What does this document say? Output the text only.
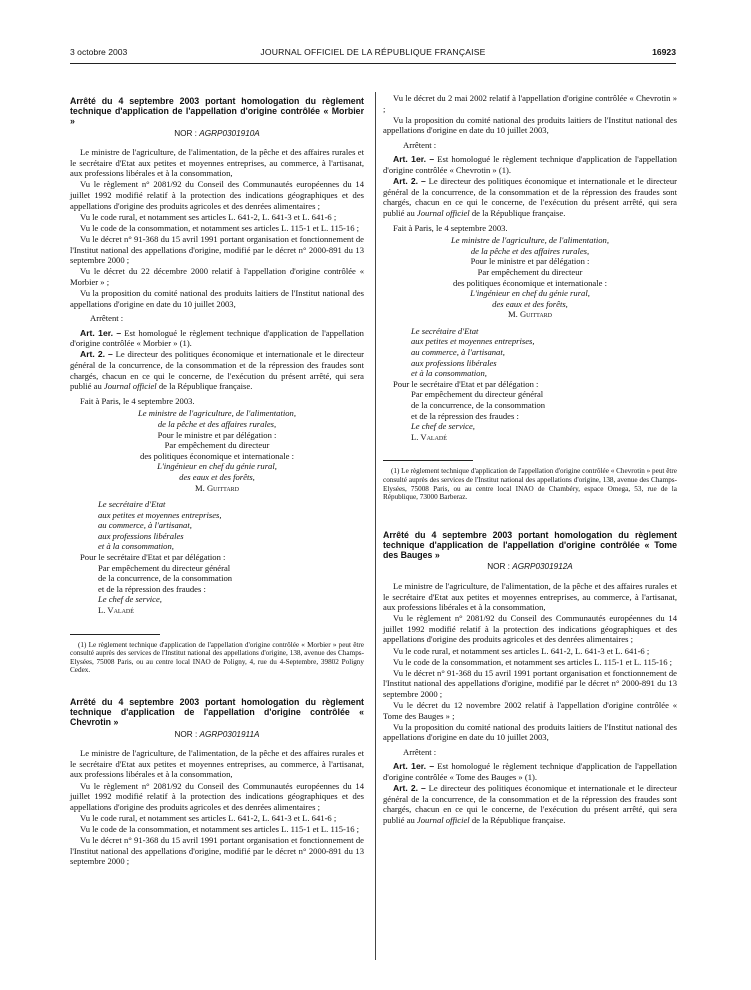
3 octobre 2003	JOURNAL OFFICIEL DE LA RÉPUBLIQUE FRANÇAISE	16923

Arrêté du 4 septembre 2003 portant homologation du règlement technique d'application de l'appellation d'origine contrôlée « Morbier »

NOR : AGRP0301910A

Le ministre de l'agriculture, de l'alimentation, de la pêche et des affaires rurales et le secrétaire d'Etat aux petites et moyennes entreprises, au commerce, à l'artisanat, aux professions libérales et à la consommation,

Vu le règlement n° 2081/92 du Conseil des Communautés européennes du 14 juillet 1992 modifié relatif à la protection des indications géographiques et des appellations d'origine des produits agricoles et des denrées alimentaires ;

Vu le code rural, et notamment ses articles L. 641-2, L. 641-3 et L. 641-6 ;

Vu le code de la consommation, et notamment ses articles L. 115-1 et L. 115-16 ;

Vu le décret n° 91-368 du 15 avril 1991 portant organisation et fonctionnement de l'Institut national des appellations d'origine, modifié par le décret n° 2000-891 du 13 septembre 2000 ;

Vu le décret du 22 décembre 2000 relatif à l'appellation d'origine contrôlée « Morbier » ;

Vu la proposition du comité national des produits laitiers de l'Institut national des appellations d'origine en date du 10 juillet 2003,

Arrêtent :

Art. 1er. – Est homologué le règlement technique d'application de l'appellation d'origine contrôlée « Morbier » (1).

Art. 2. – Le directeur des politiques économique et internationale et le directeur général de la concurrence, de la consommation et de la répression des fraudes sont chargés, chacun en ce qui le concerne, de l'exécution du présent arrêté, qui sera publié au Journal officiel de la République française.

Fait à Paris, le 4 septembre 2003.

Le ministre de l'agriculture, de l'alimentation,

de la pêche et des affaires rurales,

Pour le ministre et par délégation :

Par empêchement du directeur

des politiques économique et internationale :

L'ingénieur en chef du génie rural,

des eaux et des forêts,

M. Guittard

Le secrétaire d'Etat

aux petites et moyennes entreprises,

au commerce, à l'artisanat,

aux professions libérales

et à la consommation,

Pour le secrétaire d'Etat et par délégation :

Par empêchement du directeur général

de la concurrence, de la consommation

et de la répression des fraudes :

Le chef de service,

L. Valadé

(1) Le règlement technique d'application de l'appellation d'origine contrôlée « Morbier » peut être consulté auprès des services de l'Institut national des appellations d'origine, 138, avenue des Champs-Elysées, 75008 Paris, ou au centre local INAO de Poligny, 4, rue du 4-Septembre, 39802 Poligny Cedex.

Arrêté du 4 septembre 2003 portant homologation du règlement technique d'application de l'appellation d'origine contrôlée « Chevrotin »

NOR : AGRP0301911A

Le ministre de l'agriculture, de l'alimentation, de la pêche et des affaires rurales et le secrétaire d'Etat aux petites et moyennes entreprises, au commerce, à l'artisanat, aux professions libérales et à la consommation,

Vu le règlement n° 2081/92 du Conseil des Communautés européennes du 14 juillet 1992 modifié relatif à la protection des indications géographiques et des appellations d'origine des produits agricoles et des denrées alimentaires ;

Vu le code rural, et notamment ses articles L. 641-2, L. 641-3 et L. 641-6 ;

Vu le code de la consommation, et notamment ses articles L. 115-1 et L. 115-16 ;

Vu le décret n° 91-368 du 15 avril 1991 portant organisation et fonctionnement de l'Institut national des appellations d'origine, modifié par le décret n° 2000-891 du 13 septembre 2000 ;

Vu le décret du 2 mai 2002 relatif à l'appellation d'origine contrôlée « Chevrotin » ;

Vu la proposition du comité national des produits laitiers de l'Institut national des appellations d'origine en date du 10 juillet 2003,

Arrêtent :

Art. 1er. – Est homologué le règlement technique d'application de l'appellation d'origine contrôlée « Chevrotin » (1).

Art. 2. – Le directeur des politiques économique et internationale et le directeur général de la concurrence, de la consommation et de la répression des fraudes sont chargés, chacun en ce qui le concerne, de l'exécution du présent arrêté, qui sera publié au Journal officiel de la République française.

Fait à Paris, le 4 septembre 2003.

Le ministre de l'agriculture, de l'alimentation,

de la pêche et des affaires rurales,

Pour le ministre et par délégation :

Par empêchement du directeur

des politiques économique et internationale :

L'ingénieur en chef du génie rural,

des eaux et des forêts,

M. Guittard

Le secrétaire d'Etat

aux petites et moyennes entreprises,

au commerce, à l'artisanat,

aux professions libérales

et à la consommation,

Pour le secrétaire d'Etat et par délégation :

Par empêchement du directeur général

de la concurrence, de la consommation

et de la répression des fraudes :

Le chef de service,

L. Valadé

(1) Le règlement technique d'application de l'appellation d'origine contrôlée « Chevrotin » peut être consulté auprès des services de l'Institut national des appellations d'origine, 138, avenue des Champs-Elysées, 75008 Paris, ou au centre local INAO de Chambéry, espace Omega, 53, rue de la République, 73000 Barberaz.

Arrêté du 4 septembre 2003 portant homologation du règlement technique d'application de l'appellation d'origine contrôlée « Tome des Bauges »

NOR : AGRP0301912A

Le ministre de l'agriculture, de l'alimentation, de la pêche et des affaires rurales et le secrétaire d'Etat aux petites et moyennes entreprises, au commerce, à l'artisanat, aux professions libérales et à la consommation,

Vu le règlement n° 2081/92 du Conseil des Communautés européennes du 14 juillet 1992 modifié relatif à la protection des indications géographiques et des appellations d'origine des produits agricoles et des denrées alimentaires ;

Vu le code rural, et notamment ses articles L. 641-2, L. 641-3 et L. 641-6 ;

Vu le code de la consommation, et notamment ses articles L. 115-1 et L. 115-16 ;

Vu le décret n° 91-368 du 15 avril 1991 portant organisation et fonctionnement de l'Institut national des appellations d'origine, modifié par le décret n° 2000-891 du 13 septembre 2000 ;

Vu le décret du 12 novembre 2002 relatif à l'appellation d'origine contrôlée « Tome des Bauges » ;

Vu la proposition du comité national des produits laitiers de l'Institut national des appellations d'origine en date du 10 juillet 2003,

Arrêtent :

Art. 1er. – Est homologué le règlement technique d'application de l'appellation d'origine contrôlée « Tome des Bauges » (1).

Art. 2. – Le directeur des politiques économique et internationale et le directeur général de la concurrence, de la consommation et de la répression des fraudes sont chargés, chacun en ce qui le concerne, de l'exécution du présent arrêté, qui sera publié au Journal officiel de la République française.
